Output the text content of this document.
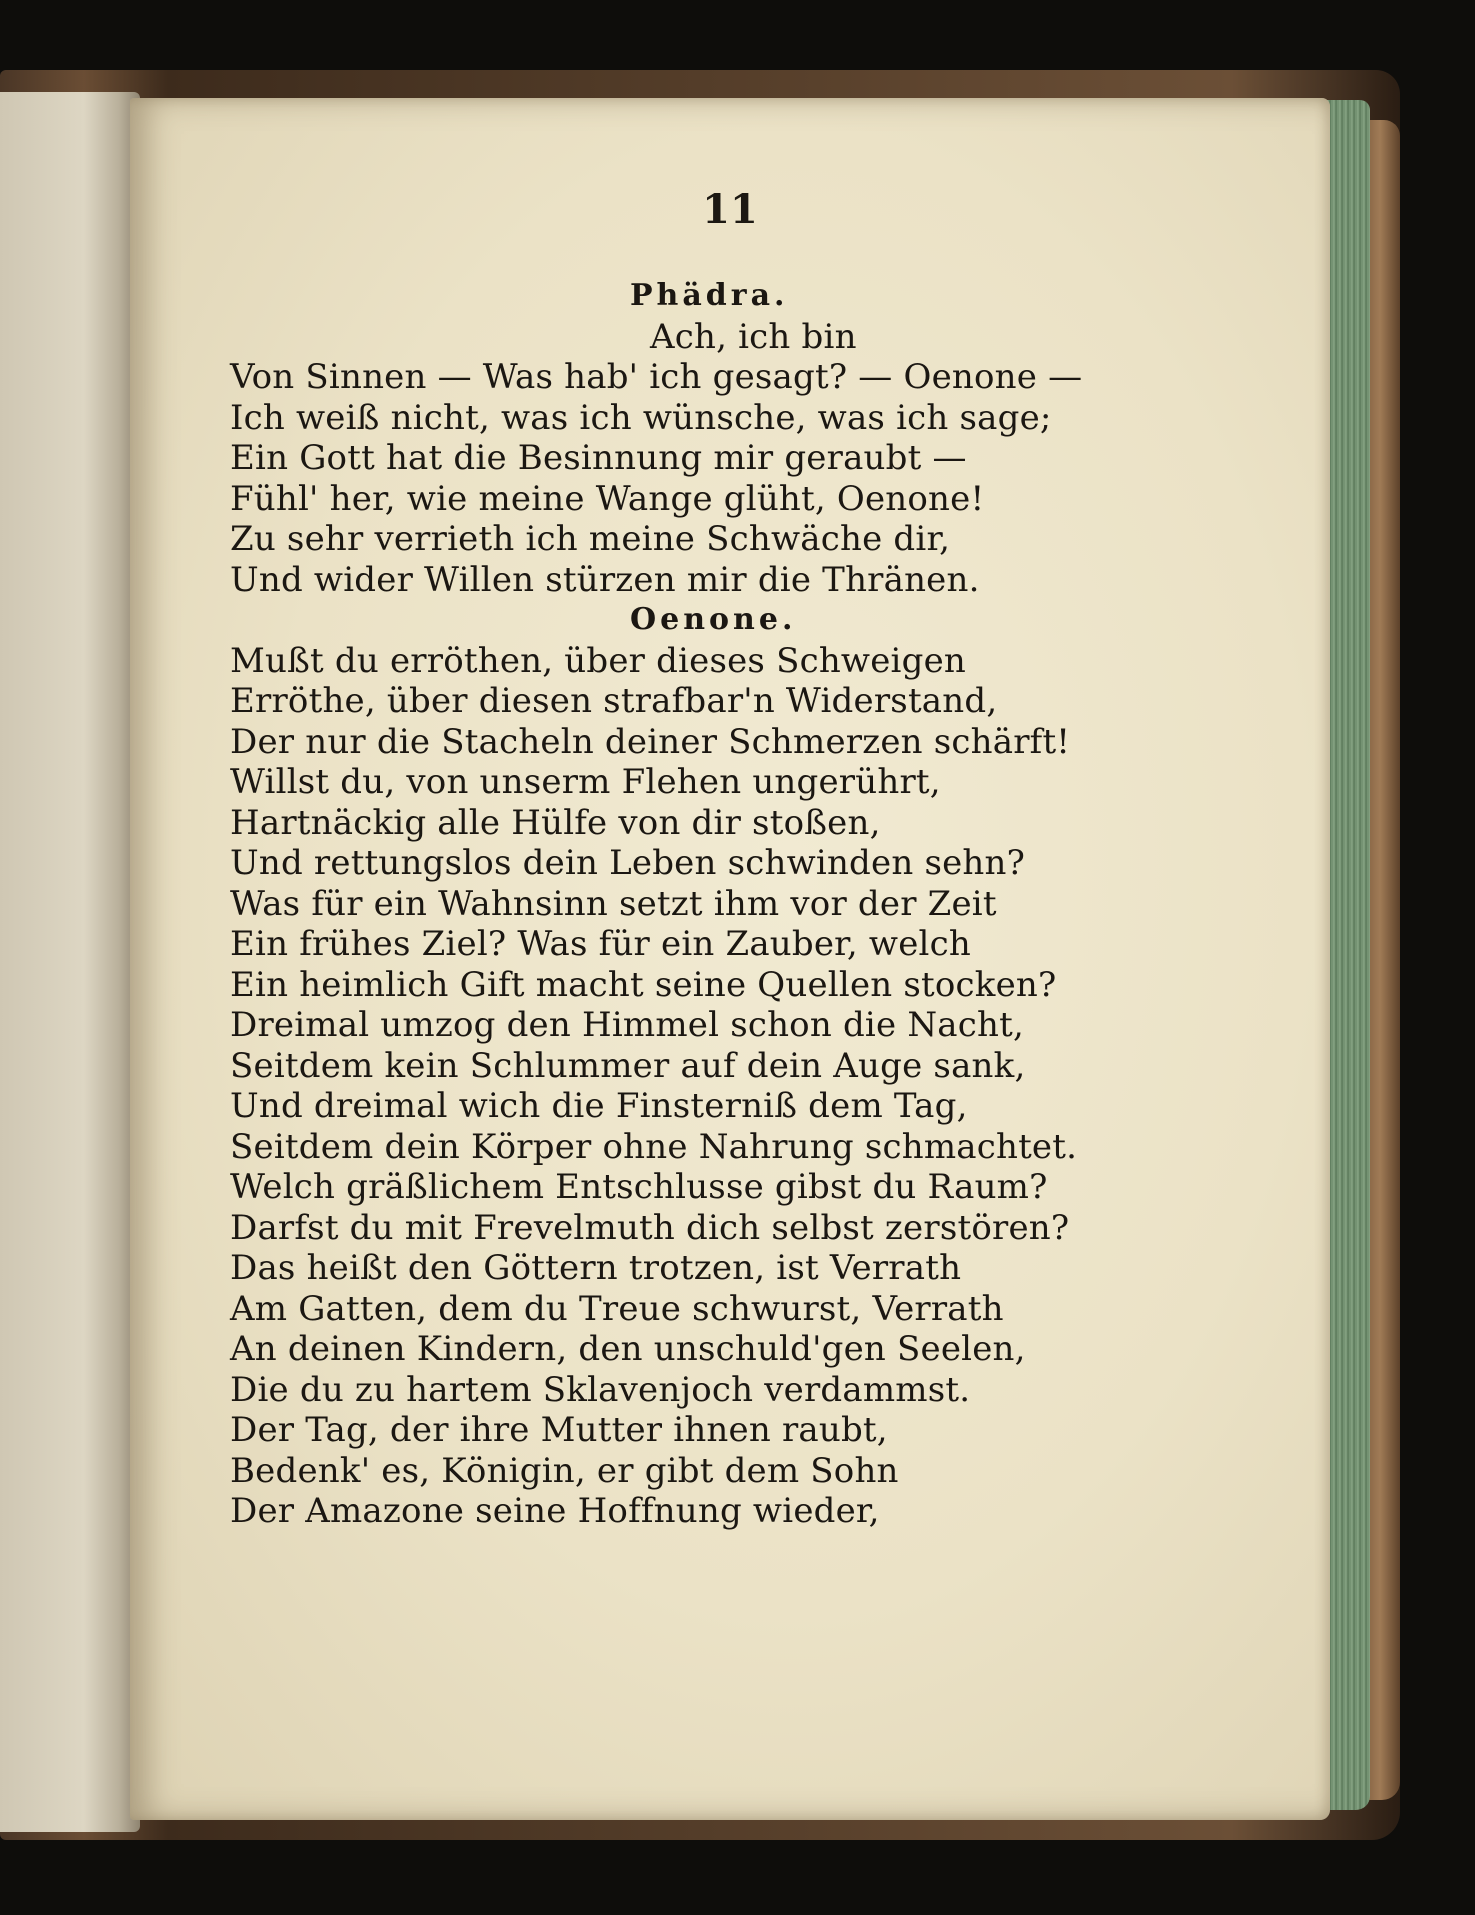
11

Phädra.
Ach, ich bin
Von Sinnen — Was hab' ich gesagt? — Oenone —
Ich weiß nicht, was ich wünsche, was ich sage;
Ein Gott hat die Besinnung mir geraubt —
Fühl' her, wie meine Wange glüht, Oenone!
Zu sehr verrieth ich meine Schwäche dir,
Und wider Willen stürzen mir die Thränen.
Oenone.
Mußt du erröthen, über dieses Schweigen
Erröthe, über diesen strafbar'n Widerstand,
Der nur die Stacheln deiner Schmerzen schärft!
Willst du, von unserm Flehen ungerührt,
Hartnäckig alle Hülfe von dir stoßen,
Und rettungslos dein Leben schwinden sehn?
Was für ein Wahnsinn setzt ihm vor der Zeit
Ein frühes Ziel? Was für ein Zauber, welch
Ein heimlich Gift macht seine Quellen stocken?
Dreimal umzog den Himmel schon die Nacht,
Seitdem kein Schlummer auf dein Auge sank,
Und dreimal wich die Finsterniß dem Tag,
Seitdem dein Körper ohne Nahrung schmachtet.
Welch gräßlichem Entschlusse gibst du Raum?
Darfst du mit Frevelmuth dich selbst zerstören?
Das heißt den Göttern trotzen, ist Verrath
Am Gatten, dem du Treue schwurst, Verrath
An deinen Kindern, den unschuld'gen Seelen,
Die du zu hartem Sklavenjoch verdammst.
Der Tag, der ihre Mutter ihnen raubt,
Bedenk' es, Königin, er gibt dem Sohn
Der Amazone seine Hoffnung wieder,
